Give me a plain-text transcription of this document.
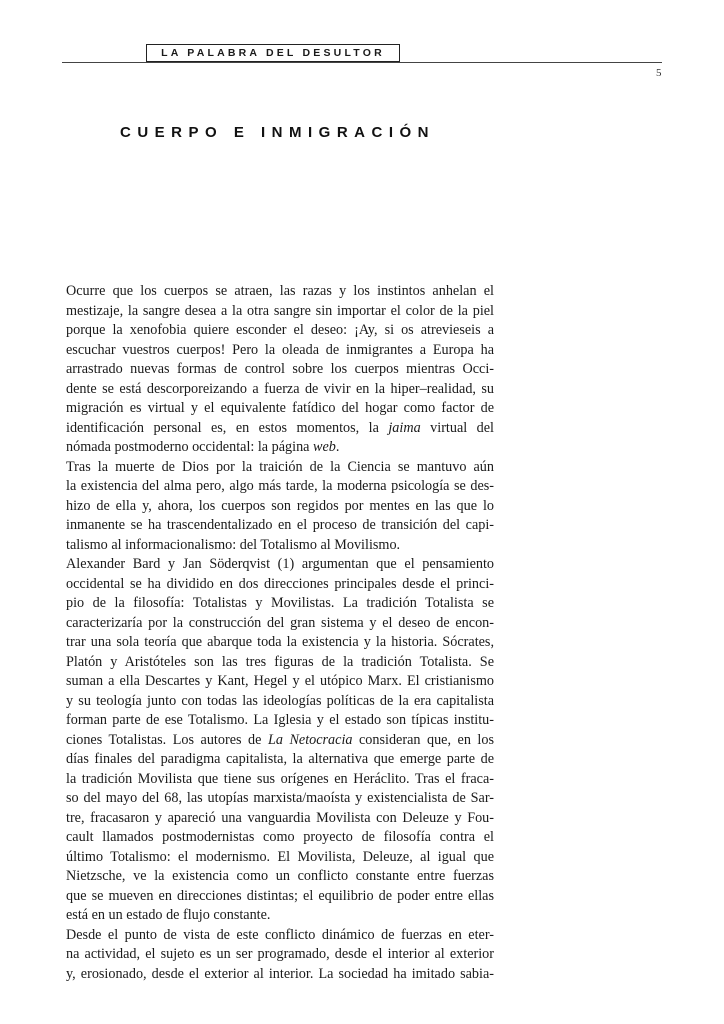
LA PALABRA DEL DESULTOR
5
CUERPO E INMIGRACIÓN

Ocurre que los cuerpos se atraen, las razas y los instintos anhelan el
mestizaje, la sangre desea a la otra sangre sin importar el color de la piel
porque la xenofobia quiere esconder el deseo: ¡Ay, si os atrevieseis a
escuchar vuestros cuerpos! Pero la oleada de inmigrantes a Europa ha
arrastrado nuevas formas de control sobre los cuerpos mientras Occi-
dente se está descorporeizando a fuerza de vivir en la hiper–realidad, su
migración es virtual y el equivalente fatídico del hogar como factor de
identificación personal es, en estos momentos, la jaima virtual del
nómada postmoderno occidental: la página web.

Tras la muerte de Dios por la traición de la Ciencia se mantuvo aún
la existencia del alma pero, algo más tarde, la moderna psicología se des-
hizo de ella y, ahora, los cuerpos son regidos por mentes en las que lo
inmanente se ha trascendentalizado en el proceso de transición del capi-
talismo al informacionalismo: del Totalismo al Movilismo.

Alexander Bard y Jan Söderqvist (1) argumentan que el pensamiento
occidental se ha dividido en dos direcciones principales desde el princi-
pio de la filosofía: Totalistas y Movilistas. La tradición Totalista se
caracterizaría por la construcción del gran sistema y el deseo de encon-
trar una sola teoría que abarque toda la existencia y la historia. Sócrates,
Platón y Aristóteles son las tres figuras de la tradición Totalista. Se
suman a ella Descartes y Kant, Hegel y el utópico Marx. El cristianismo
y su teología junto con todas las ideologías políticas de la era capitalista
forman parte de ese Totalismo. La Iglesia y el estado son típicas institu-
ciones Totalistas. Los autores de La Netocracia consideran que, en los
días finales del paradigma capitalista, la alternativa que emerge parte de
la tradición Movilista que tiene sus orígenes en Heráclito. Tras el fraca-
so del mayo del 68, las utopías marxista/maoísta y existencialista de Sar-
tre, fracasaron y apareció una vanguardia Movilista con Deleuze y Fou-
cault llamados postmodernistas como proyecto de filosofía contra el
último Totalismo: el modernismo. El Movilista, Deleuze, al igual que
Nietzsche, ve la existencia como un conflicto constante entre fuerzas
que se mueven en direcciones distintas; el equilibrio de poder entre ellas
está en un estado de flujo constante.

Desde el punto de vista de este conflicto dinámico de fuerzas en eter-
na actividad, el sujeto es un ser programado, desde el interior al exterior
y, erosionado, desde el exterior al interior. La sociedad ha imitado sabia-
